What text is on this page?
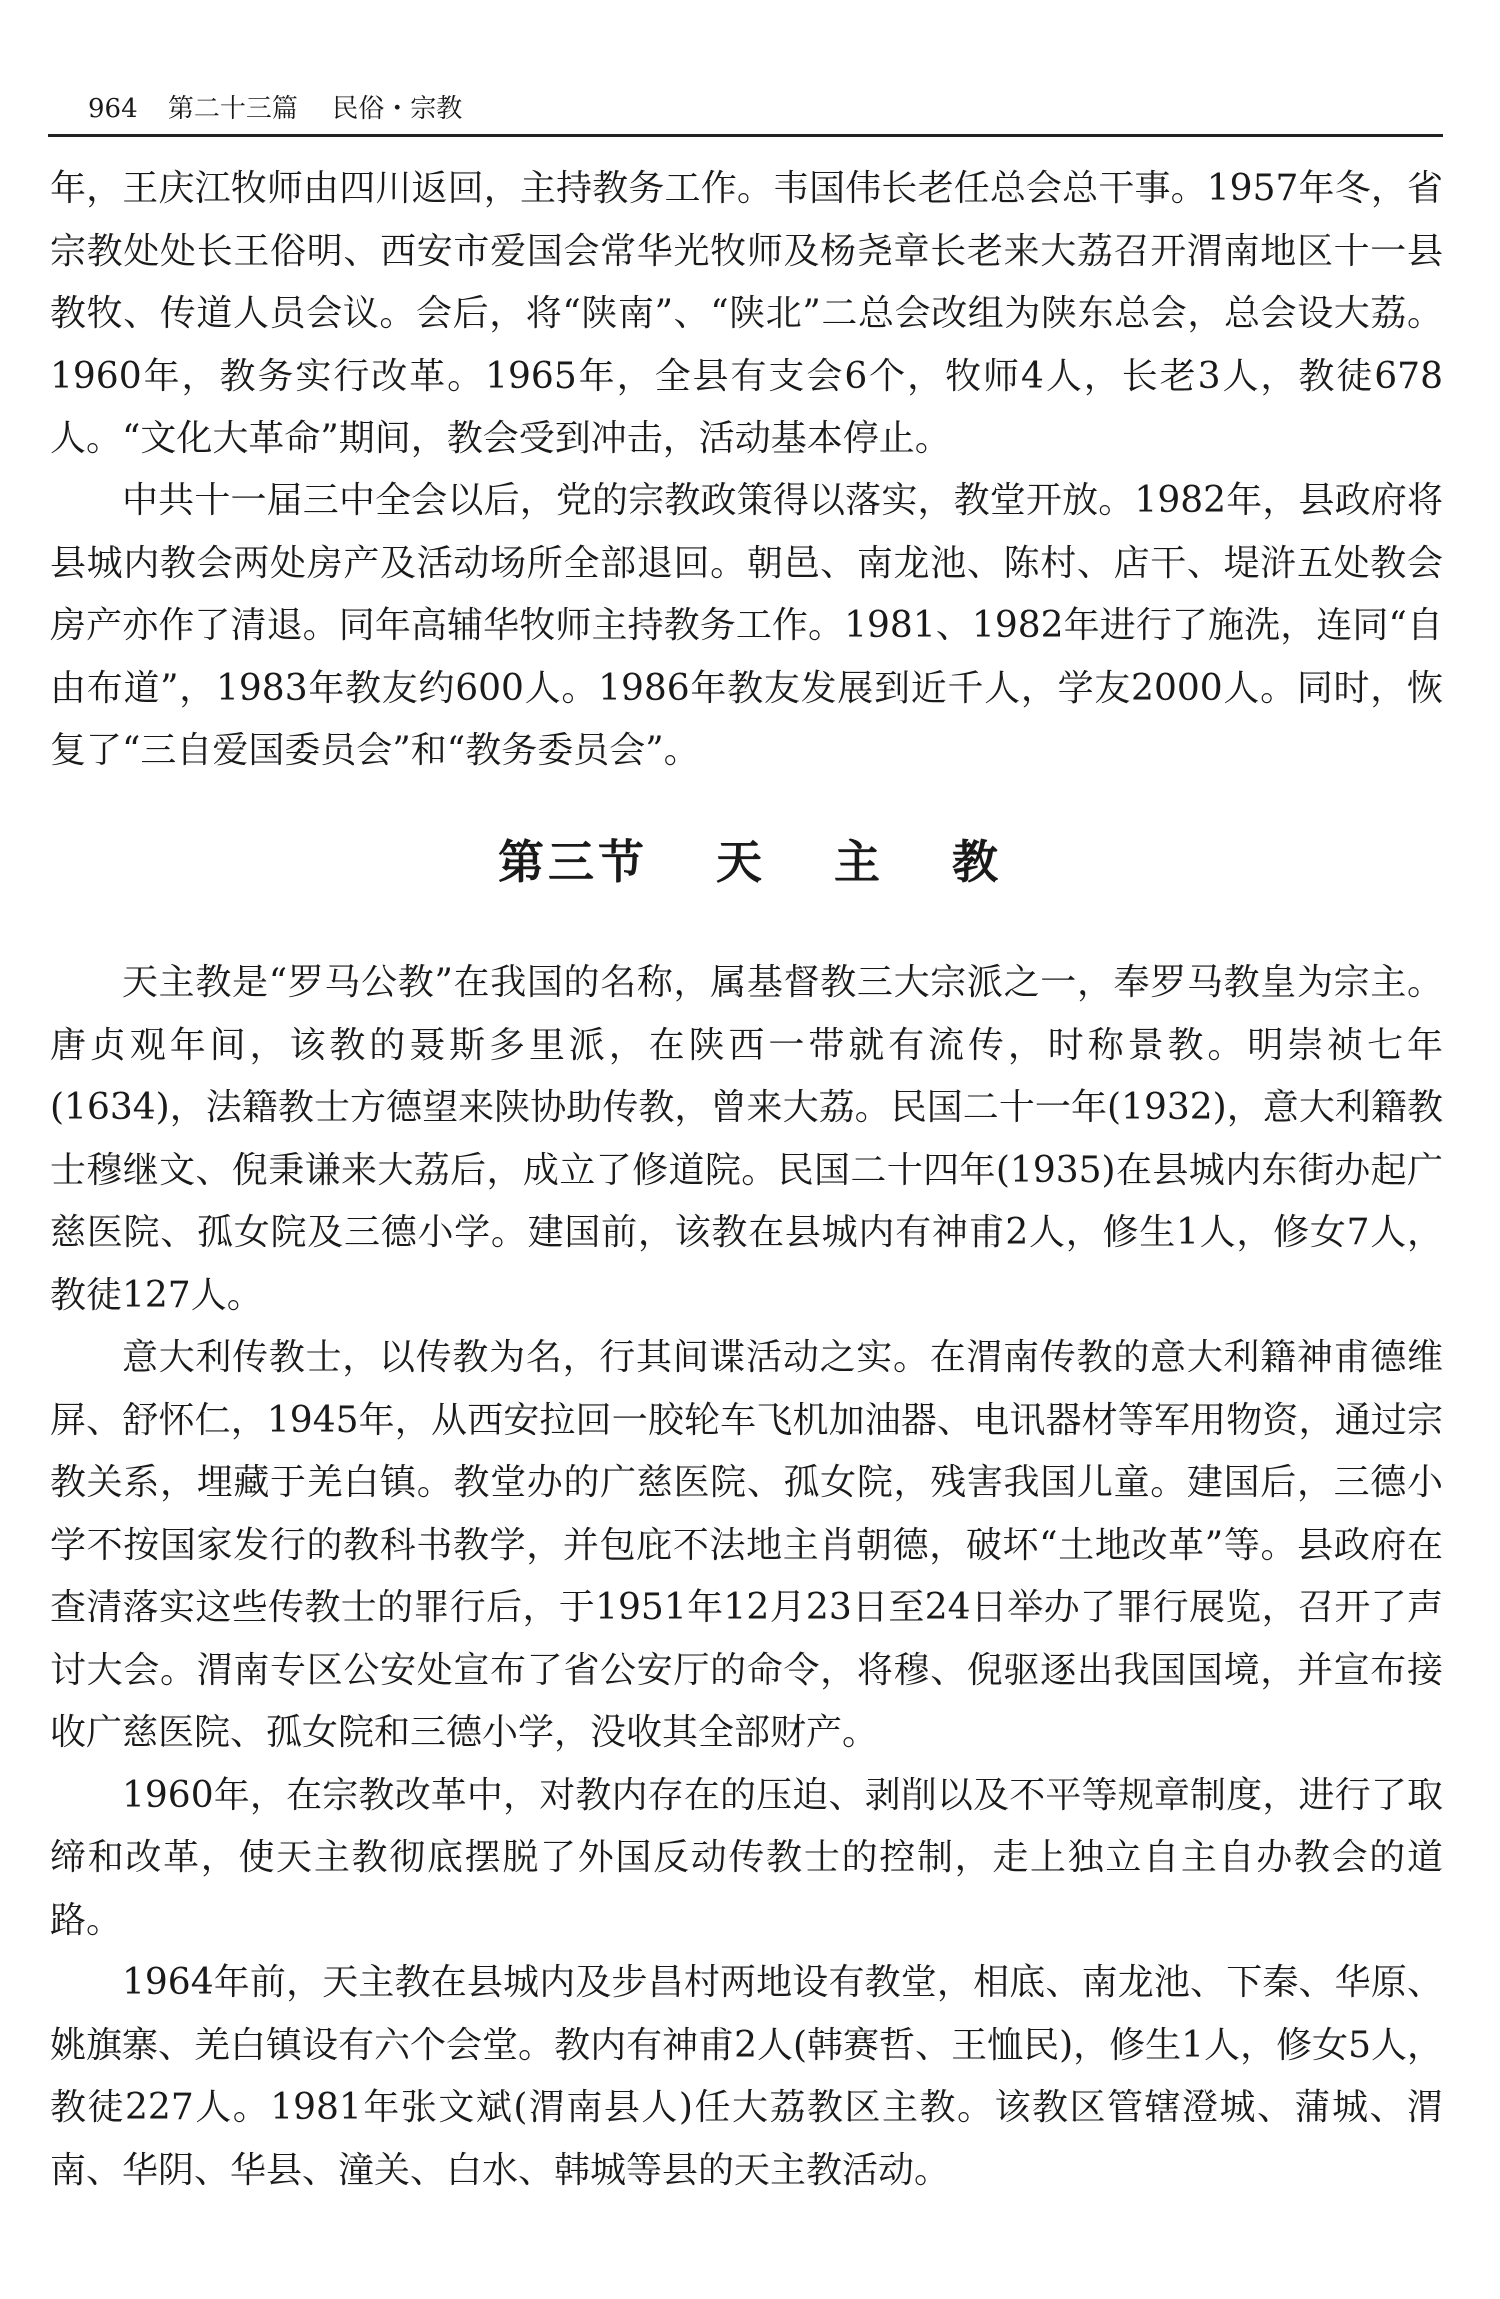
964 第二十三篇 民俗・宗教

年，王庆江牧师由四川返回，主持教务工作。韦国伟长老任总会总干事。1957年冬，省宗教处处长王俗明、西安市爱国会常华光牧师及杨尧章长老来大荔召开渭南地区十一县教牧、传道人员会议。会后，将“陕南”、“陕北”二总会改组为陕东总会，总会设大荔。1960年，教务实行改革。1965年，全县有支会6个，牧师4人，长老3人，教徒678人。“文化大革命”期间，教会受到冲击，活动基本停止。

中共十一届三中全会以后，党的宗教政策得以落实，教堂开放。1982年，县政府将县城内教会两处房产及活动场所全部退回。朝邑、南龙池、陈村、店干、堤浒五处教会房产亦作了清退。同年高辅华牧师主持教务工作。1981、1982年进行了施洗，连同“自由布道”，1983年教友约600人。1986年教友发展到近千人，学友2000人。同时，恢复了“三自爱国委员会”和“教务委员会”。

第三节 天 主 教

天主教是“罗马公教”在我国的名称，属基督教三大宗派之一，奉罗马教皇为宗主。唐贞观年间，该教的聂斯多里派，在陕西一带就有流传，时称景教。明崇祯七年(1634)，法籍教士方德望来陕协助传教，曾来大荔。民国二十一年(1932)，意大利籍教士穆继文、倪秉谦来大荔后，成立了修道院。民国二十四年(1935)在县城内东街办起广慈医院、孤女院及三德小学。建国前，该教在县城内有神甫2人，修生1人，修女7人，教徒127人。

意大利传教士，以传教为名，行其间谍活动之实。在渭南传教的意大利籍神甫德维屏、舒怀仁，1945年，从西安拉回一胶轮车飞机加油器、电讯器材等军用物资，通过宗教关系，埋藏于羌白镇。教堂办的广慈医院、孤女院，残害我国儿童。建国后，三德小学不按国家发行的教科书教学，并包庇不法地主肖朝德，破坏“土地改革”等。县政府在查清落实这些传教士的罪行后，于1951年12月23日至24日举办了罪行展览，召开了声讨大会。渭南专区公安处宣布了省公安厅的命令，将穆、倪驱逐出我国国境，并宣布接收广慈医院、孤女院和三德小学，没收其全部财产。

1960年，在宗教改革中，对教内存在的压迫、剥削以及不平等规章制度，进行了取缔和改革，使天主教彻底摆脱了外国反动传教士的控制，走上独立自主自办教会的道路。

1964年前，天主教在县城内及步昌村两地设有教堂，相底、南龙池、下秦、华原、姚旗寨、羌白镇设有六个会堂。教内有神甫2人(韩赛哲、王恤民)，修生1人，修女5人，教徒227人。1981年张文斌(渭南县人)任大荔教区主教。该教区管辖澄城、蒲城、渭南、华阴、华县、潼关、白水、韩城等县的天主教活动。
